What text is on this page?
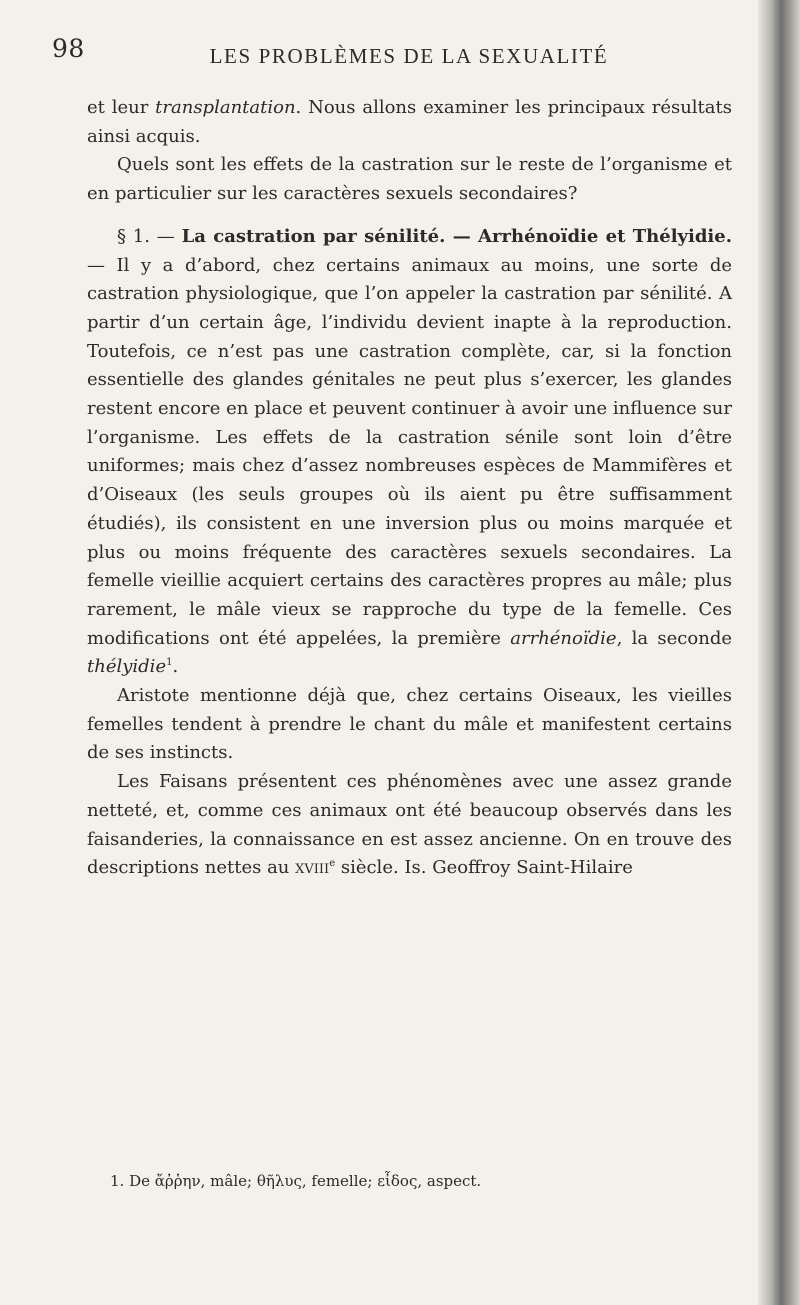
98	LES PROBLÈMES DE LA SEXUALITÉ

et leur transplantation. Nous allons examiner les principaux résultats ainsi acquis.

Quels sont les effets de la castration sur le reste de l’organisme et en particulier sur les caractères sexuels secondaires?

§ 1. — La castration par sénilité. — Arrhénoïdie et Thélyidie. — Il y a d’abord, chez certains animaux au moins, une sorte de castration physiologique, que l’on appeler la castration par sénilité. A partir d’un certain âge, l’individu devient inapte à la reproduction. Toutefois, ce n’est pas une castration complète, car, si la fonction essentielle des glandes génitales ne peut plus s’exercer, les glandes restent encore en place et peuvent continuer à avoir une influence sur l’organisme. Les effets de la castration sénile sont loin d’être uniformes; mais chez d’assez nombreuses espèces de Mammifères et d’Oiseaux (les seuls groupes où ils aient pu être suffisamment étudiés), ils consistent en une inversion plus ou moins marquée et plus ou moins fréquente des caractères sexuels secondaires. La femelle vieillie acquiert certains des caractères propres au mâle; plus rarement, le mâle vieux se rapproche du type de la femelle. Ces modifications ont été appelées, la première arrhénoïdie, la seconde thélyidie$^1$.

Aristote mentionne déjà que, chez certains Oiseaux, les vieilles femelles tendent à prendre le chant du mâle et manifestent certains de ses instincts.

Les Faisans présentent ces phénomènes avec une assez grande netteté, et, comme ces animaux ont été beaucoup observés dans les faisanderies, la connaissance en est assez ancienne. On en trouve des descriptions nettes au xviii$^e$ siècle. Is. Geoffroy Saint-Hilaire

1. De ἄῤῥην, mâle; θῆλυς, femelle; εἶδος, aspect.
